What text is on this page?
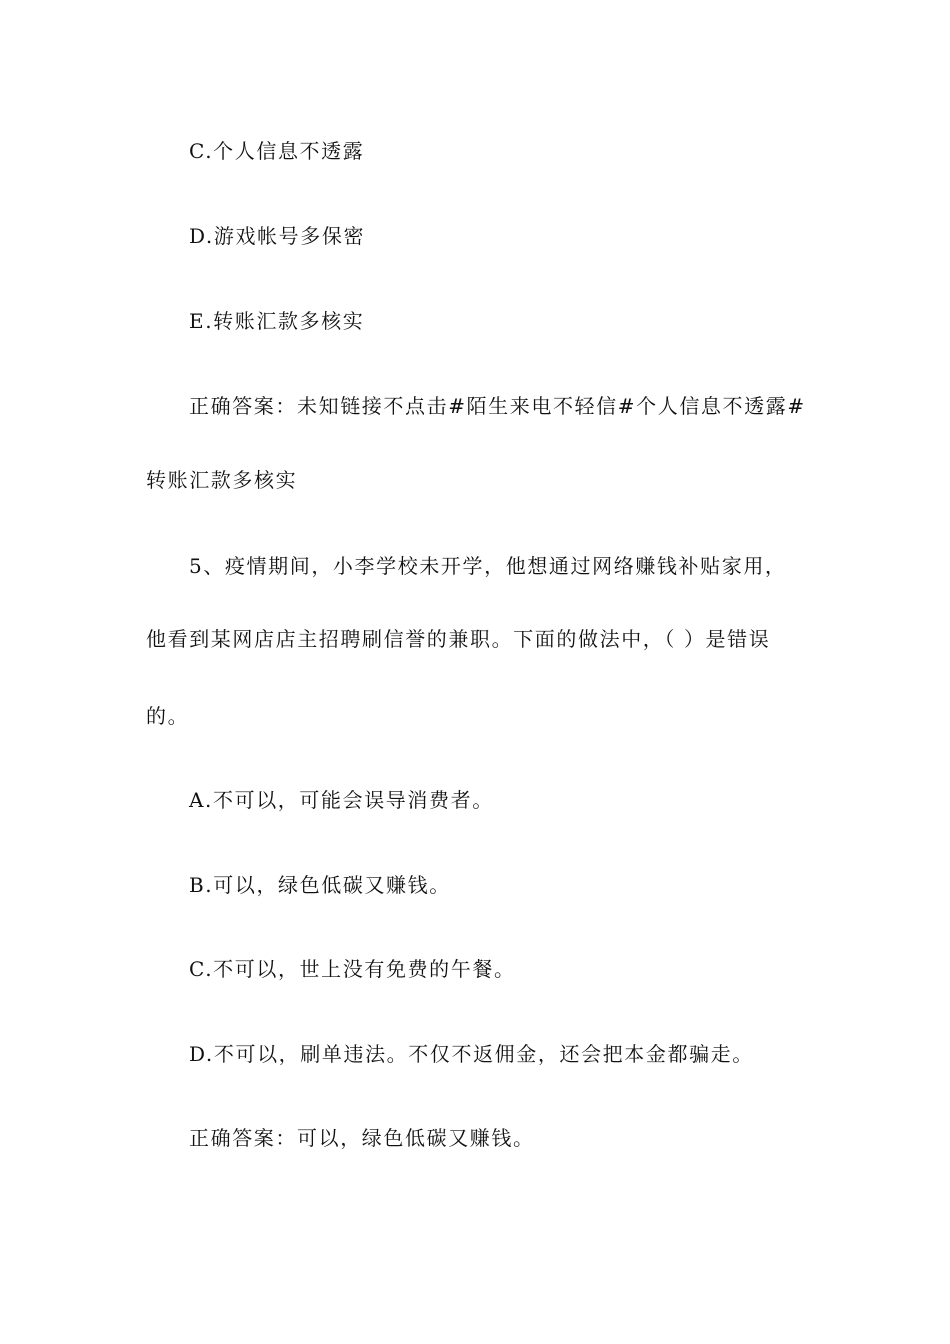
C.个人信息不透露
D.游戏帐号多保密
E.转账汇款多核实
正确答案：未知链接不点击#陌生来电不轻信#个人信息不透露#
转账汇款多核实
5、疫情期间，小李学校未开学，他想通过网络赚钱补贴家用，
他看到某网店店主招聘刷信誉的兼职。下面的做法中，（ ）是错误
的。
A.不可以，可能会误导消费者。
B.可以，绿色低碳又赚钱。
C.不可以，世上没有免费的午餐。
D.不可以，刷单违法。不仅不返佣金，还会把本金都骗走。
正确答案：可以，绿色低碳又赚钱。
